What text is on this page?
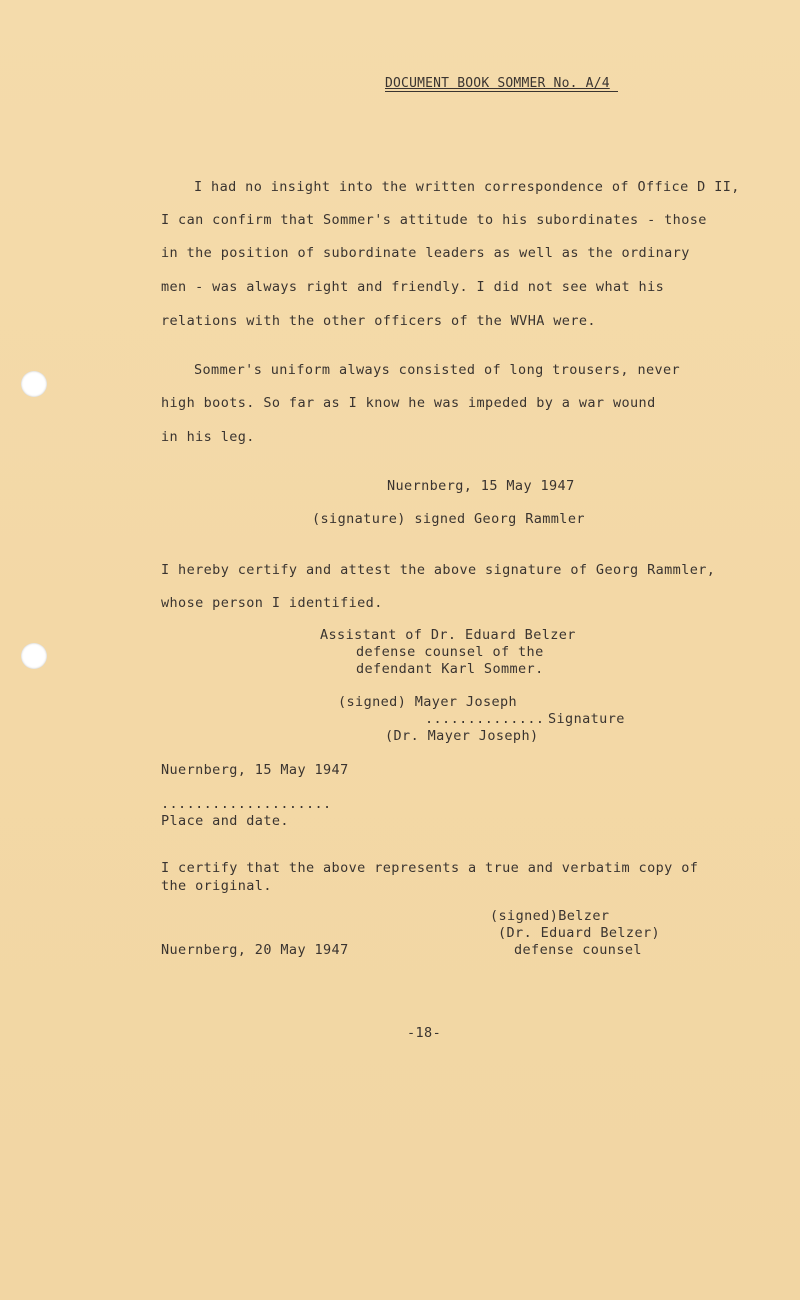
DOCUMENT BOOK SOMMER No. A/4
I had no insight into the written correspondence of Office D II,
I can confirm that Sommer's attitude to his subordinates - those
in the position of subordinate leaders as well as the ordinary
men - was always right and friendly. I did not see what his
relations with the other officers of the WVHA were.
Sommer's uniform always consisted of long trousers, never
high boots. So far as I know he was impeded by a war wound
in his leg.
Nuernberg, 15 May 1947
(signature) signed Georg Rammler
I hereby certify and attest the above signature of Georg Rammler,
whose person I identified.
Assistant of Dr. Eduard Belzer
defense counsel of the
defendant Karl Sommer.
(signed) Mayer Joseph
.............. Signature
(Dr. Mayer Joseph)
Nuernberg, 15 May 1947
....................
Place and date.
I certify that the above represents a true and verbatim copy of
the original.
(signed)Belzer
(Dr. Eduard Belzer)
Nuernberg, 20 May 1947	defense counsel
-18-
